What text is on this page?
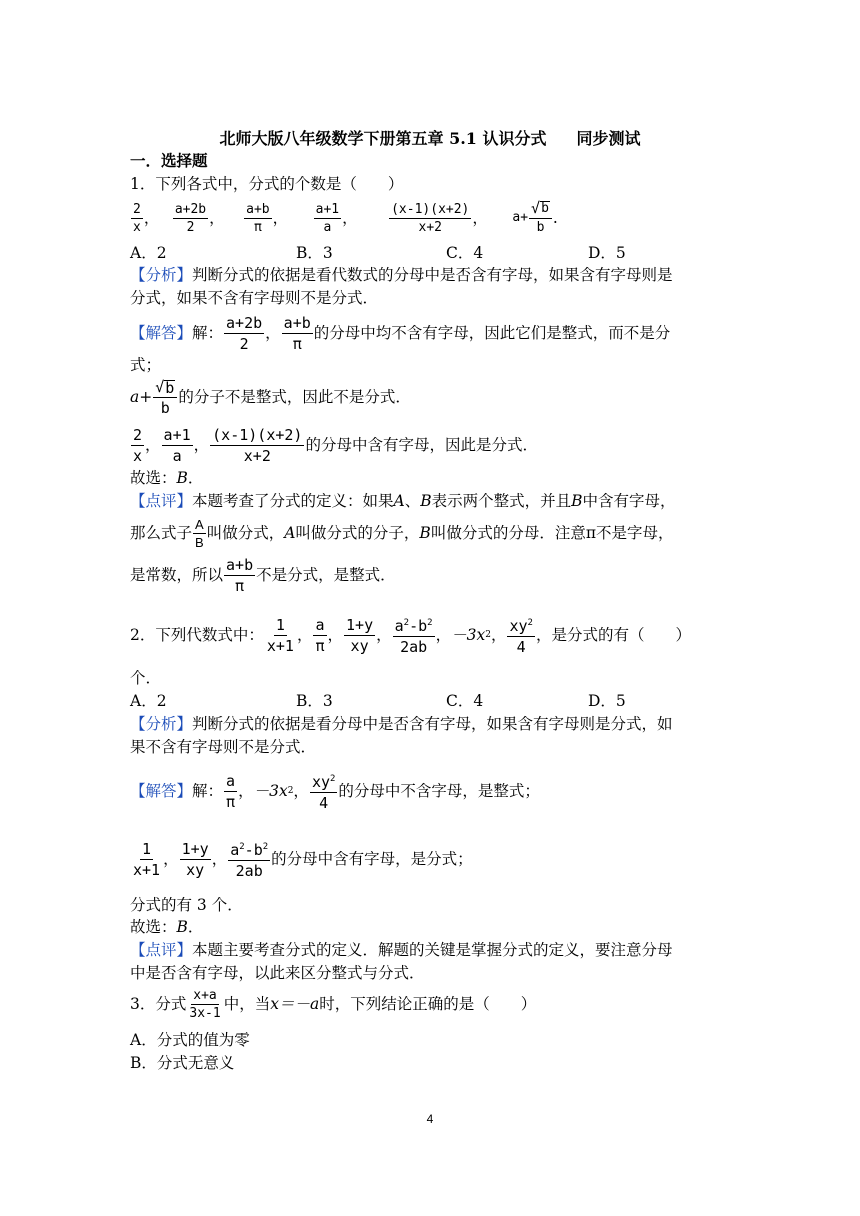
北师大版八年级数学下册第五章 5.1 认识分式 同步测试
一．选择题
1．下列各式中，分式的个数是（　　）
$\frac{2}{x}$ ，	$\frac{a+2b}{2}$ ，	$\frac{a+b}{\pi}$ ，	$\frac{a+1}{a}$ ，	$\frac{(x-1)(x+2)}{x+2}$ ，	$a+ \frac{√ b}{b}$ .
A．2	B．3	C．4	D．5
【分析】判断分式的依据是看代数式的分母中是否含有字母，如果含有字母则是
分式，如果不含有字母则不是分式．
【解答】 解： $\frac{a+2b}{2}$ ， $\frac{a+b}{\pi}$ 的分母中均不含有字母，因此它们是整式，而不是分
式；
$a + \frac{√ b}{b}$ 的分子不是整式，因此不是分式．
$\frac{2}{x}$ ， $\frac{a+1}{a}$ ， $\frac{(x-1)(x+2)}{x+2}$ 的分母中含有字母，因此是分式．
故选：B．
【点评】本题考查了分式的定义：如果A、B表示两个整式，并且B中含有字母，
那么式子 $\frac{A}{B}$ 叫做分式， A 叫做分式的分子， B 叫做分式的分母．注意π不是字母，
是常数，所以 $\frac{a+b}{\pi}$ 不是分式，是整式．
2．下列代数式中： $\frac{1}{x+1}$ ， $\frac{a}{\pi}$ ， $\frac{1+y}{xy}$ ， $\frac{a^2-b^2}{2ab}$ ， －3x 2 ， $\frac{xy^2}{4}$ ，是分式的有（　　）
个．
A．2	B．3	C．4	D．5
【分析】判断分式的依据是看分母中是否含有字母，如果含有字母则是分式，如
果不含有字母则不是分式．
【解答】 解： $\frac{a}{\pi}$ ， －3x 2 ， $\frac{xy^2}{4}$ 的分母中不含字母，是整式；
$\frac{1}{x+1}$ ， $\frac{1+y}{xy}$ ， $\frac{a^2-b^2}{2ab}$ 的分母中含有字母，是分式；
分式的有 3 个．
故选：B．
【点评】本题主要考查分式的定义．解题的关键是掌握分式的定义，要注意分母
中是否含有字母，以此来区分整式与分式．
3．分式 $\frac{x+a}{3x-1}$ 中，当 x＝－a 时，下列结论正确的是（　　）
A．分式的值为零
B．分式无意义
4
